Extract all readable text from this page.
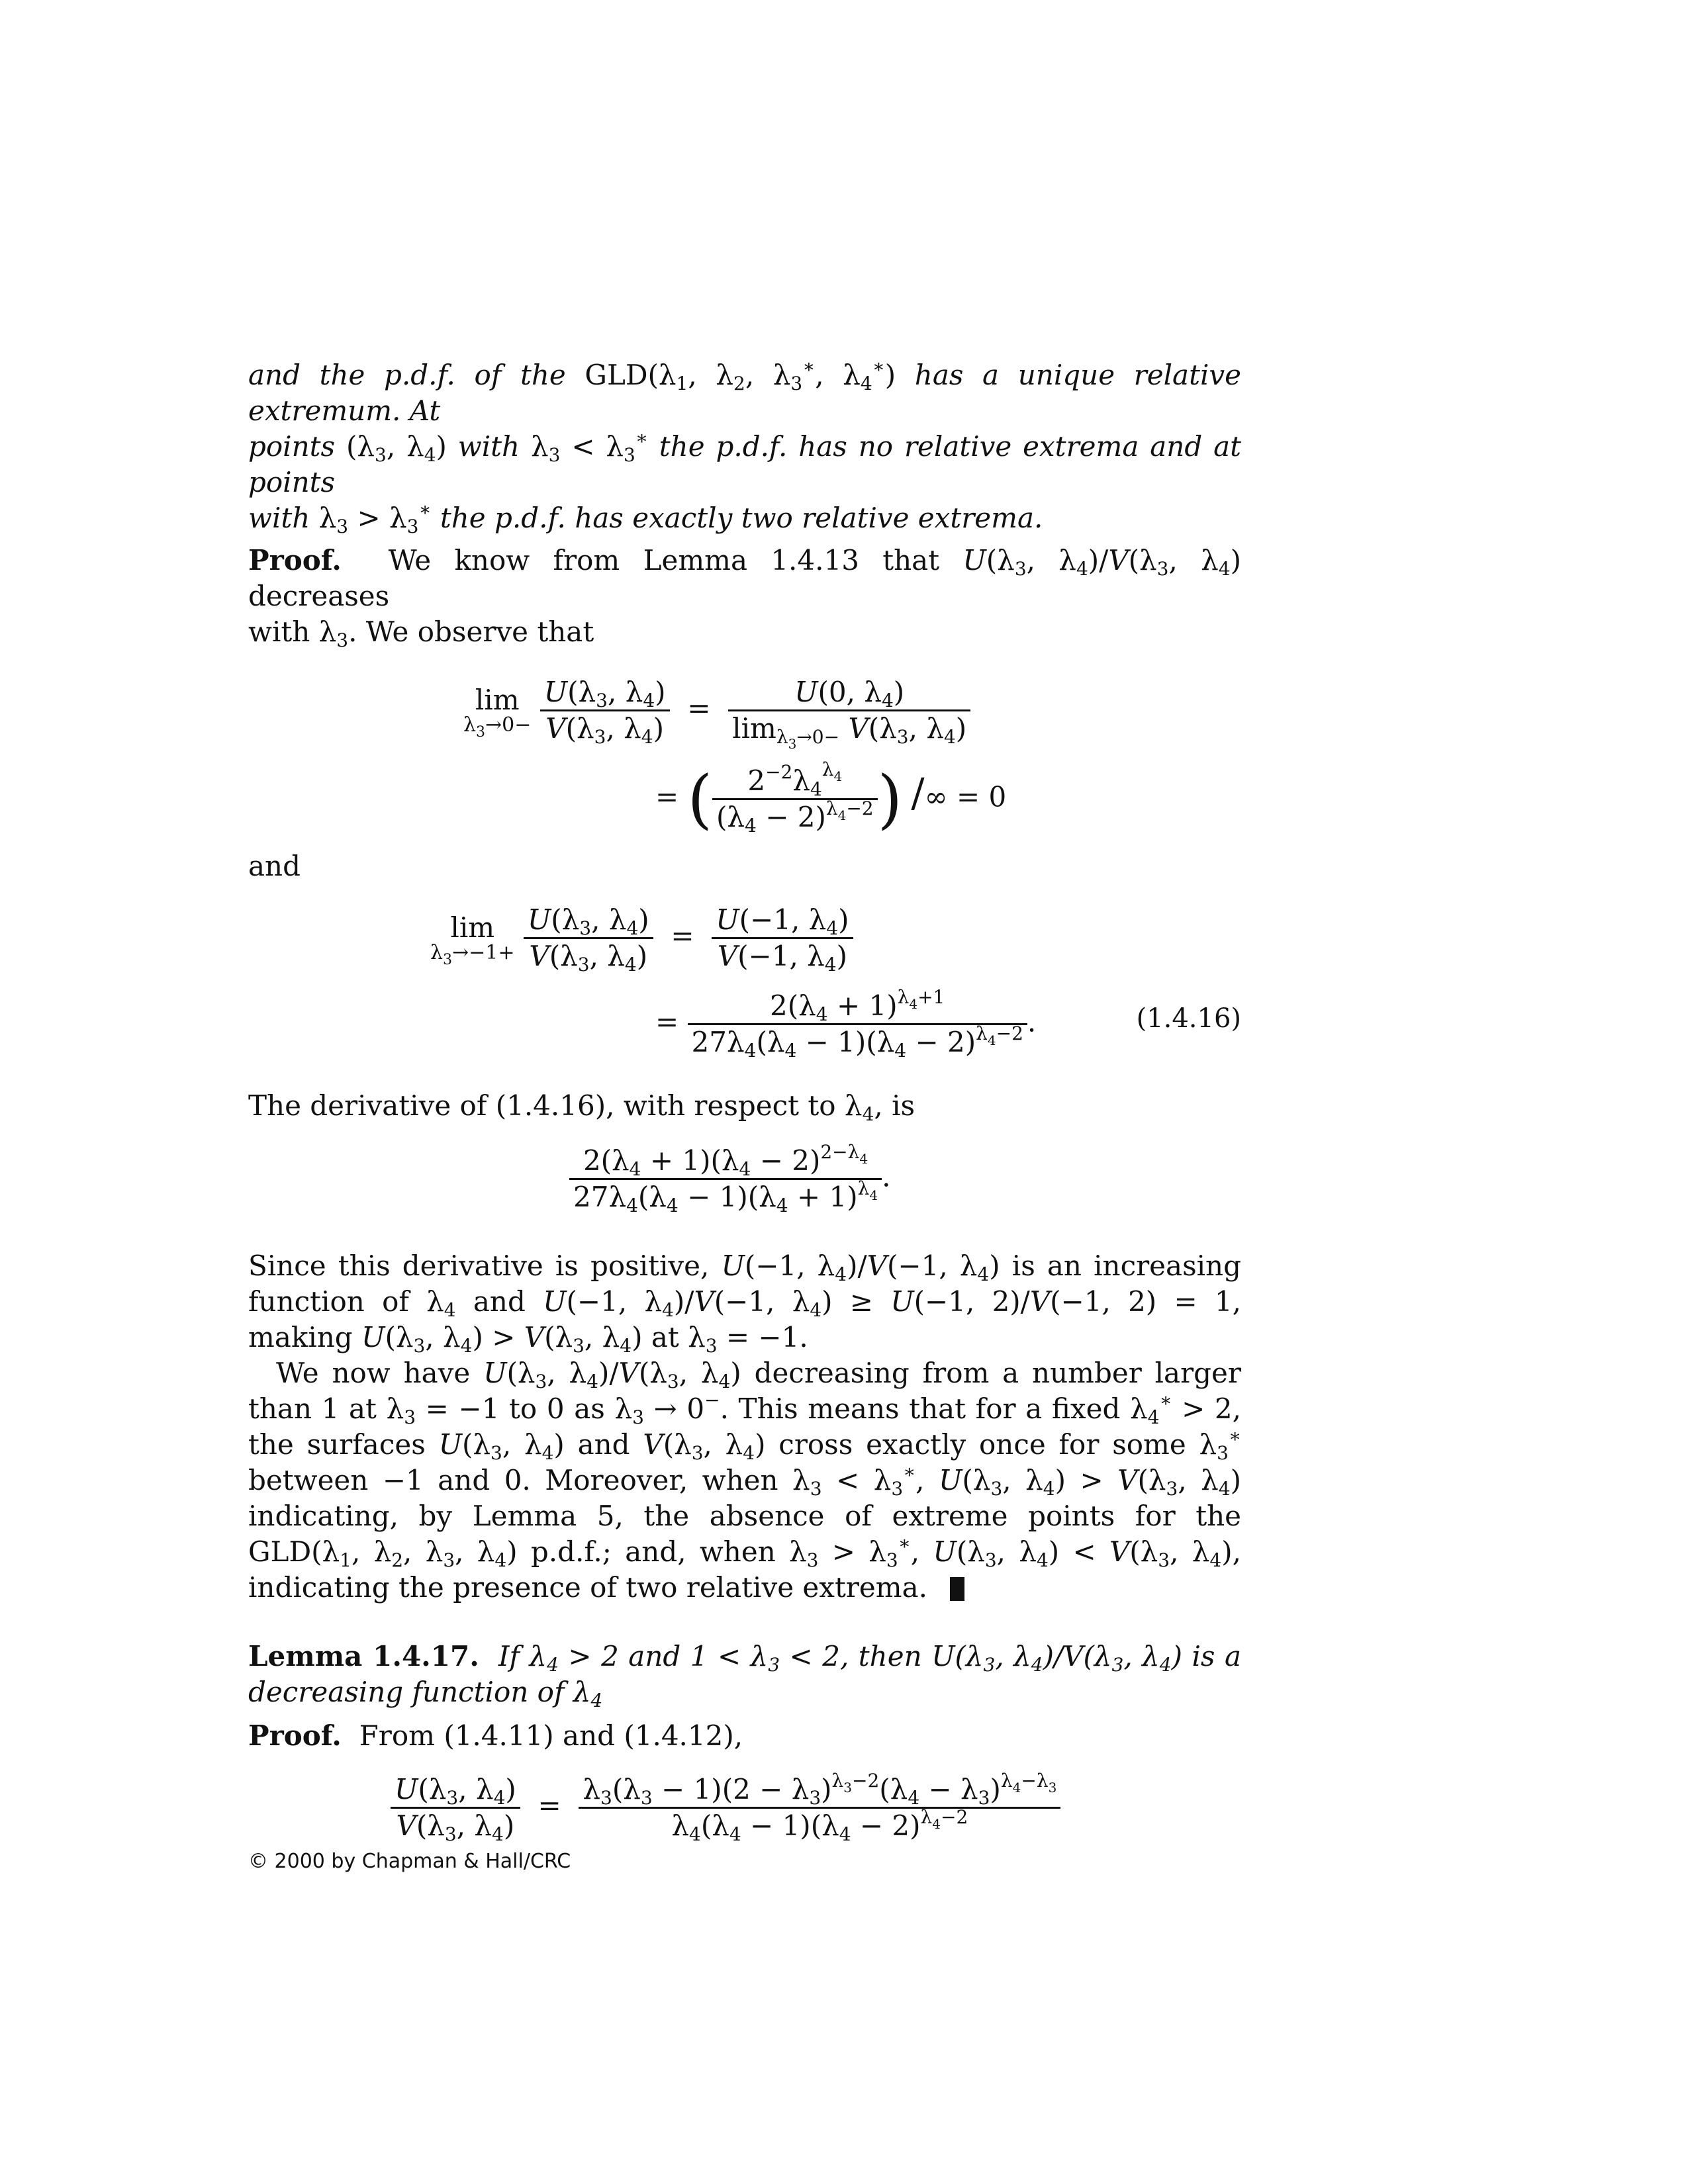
and the p.d.f. of the $GLD(\lambda_1$, $\lambda_2$, $\lambda_3^∗$, $\lambda_4^∗$) has a unique relative extremum. At
points ($\lambda_3$, $\lambda_4$) with $\lambda_3 < \lambda_3^∗$ the p.d.f. has no relative extrema and at points
with $\lambda_3 > \lambda_3^∗$ the p.d.f. has exactly two relative extrema.

Proof.  We know from Lemma 1.4.13 that $U(\lambda_3$, $\lambda_4)/V(\lambda_3$, $\lambda_4$) decreases
with $\lambda_3$. We observe that

lim
$\lambda_3\to 0-$
$\frac{U(\lambda_3, \lambda_4)}{V(\lambda_3, \lambda_4)} = \frac{U(0, \lambda_4)}{\lim_{\lambda_3\to 0-} V(\lambda_3, \lambda_4)}$
= ( $\frac{2^{-2}\lambda_4^{\lambda_4}}{(\lambda_4 - 2)^{\lambda_4-2}}$ ) /∞ = 0

and

lim
$\lambda_3\to-1+$
$\frac{U(\lambda_3, \lambda_4)}{V(\lambda_3, \lambda_4)} = \frac{U(-1, \lambda_4)}{V(-1, \lambda_4)}$
= $\frac{2(\lambda_4 + 1)^{\lambda_4+1}}{27\lambda_4(\lambda_4 - 1)(\lambda_4 - 2)^{\lambda_4-2}}$ .	(1.4.16)

The derivative of (1.4.16), with respect to $\lambda_4$, is

$\frac{2(\lambda_4 + 1)(\lambda_4 - 2)^{2-\lambda_4}}{27\lambda_4(\lambda_4 - 1)(\lambda_4 + 1)^{\lambda_4}}$ .

Since this derivative is positive, U(−1, $\lambda_4)/V(-1$, $\lambda_4$) is an increasing function of $\lambda_4$ and U(−1, $\lambda_4)/V(-1$, $\lambda_4) \ge U(-1$, 2)/V(−1, 2) = 1, making $U(\lambda_3$, $\lambda_4) > V(\lambda_3$, $\lambda_4$) at $\lambda_3 = -1$.

We now have $U(\lambda_3$, $\lambda_4)/V(\lambda_3$, $\lambda_4$) decreasing from a number larger than 1 at $\lambda_3 = -1$ to 0 as $\lambda_3 \to 0^-$. This means that for a fixed $\lambda_4^∗ > 2$, the surfaces $U(\lambda_3$, $\lambda_4$) and $V(\lambda_3$, $\lambda_4$) cross exactly once for some $\lambda_3^∗$ between −1 and 0. Moreover, when $\lambda_3 < \lambda_3^∗$, $U(\lambda_3$, $\lambda_4) > V(\lambda_3$, $\lambda_4$) indicating, by Lemma 5, the absence of extreme points for the $GLD(\lambda_1$, $\lambda_2$, $\lambda_3$, $\lambda_4$) p.d.f.; and, when $\lambda_3 > \lambda_3^∗$, $U(\lambda_3$, $\lambda_4) < V(\lambda_3$, $\lambda_4$), indicating the presence of two relative extrema.

Lemma 1.4.17. If $\lambda_4 > 2$ and $1 < \lambda_3 < 2$, then $U(\lambda_3$, $\lambda_4)/V(\lambda_3$, $\lambda_4$) is a decreasing function of $\lambda_4$

Proof. From (1.4.11) and (1.4.12),

$\frac{U(\lambda_3, \lambda_4)}{V(\lambda_3, \lambda_4)} = \frac{\lambda_3(\lambda_3 - 1)(2 - \lambda_3)^{\lambda_3-2}(\lambda_4 - \lambda_3)^{\lambda_4-\lambda_3}}{\lambda_4(\lambda_4 - 1)(\lambda_4 - 2)^{\lambda_4-2}}$
© 2000 by Chapman & Hall/CRC
